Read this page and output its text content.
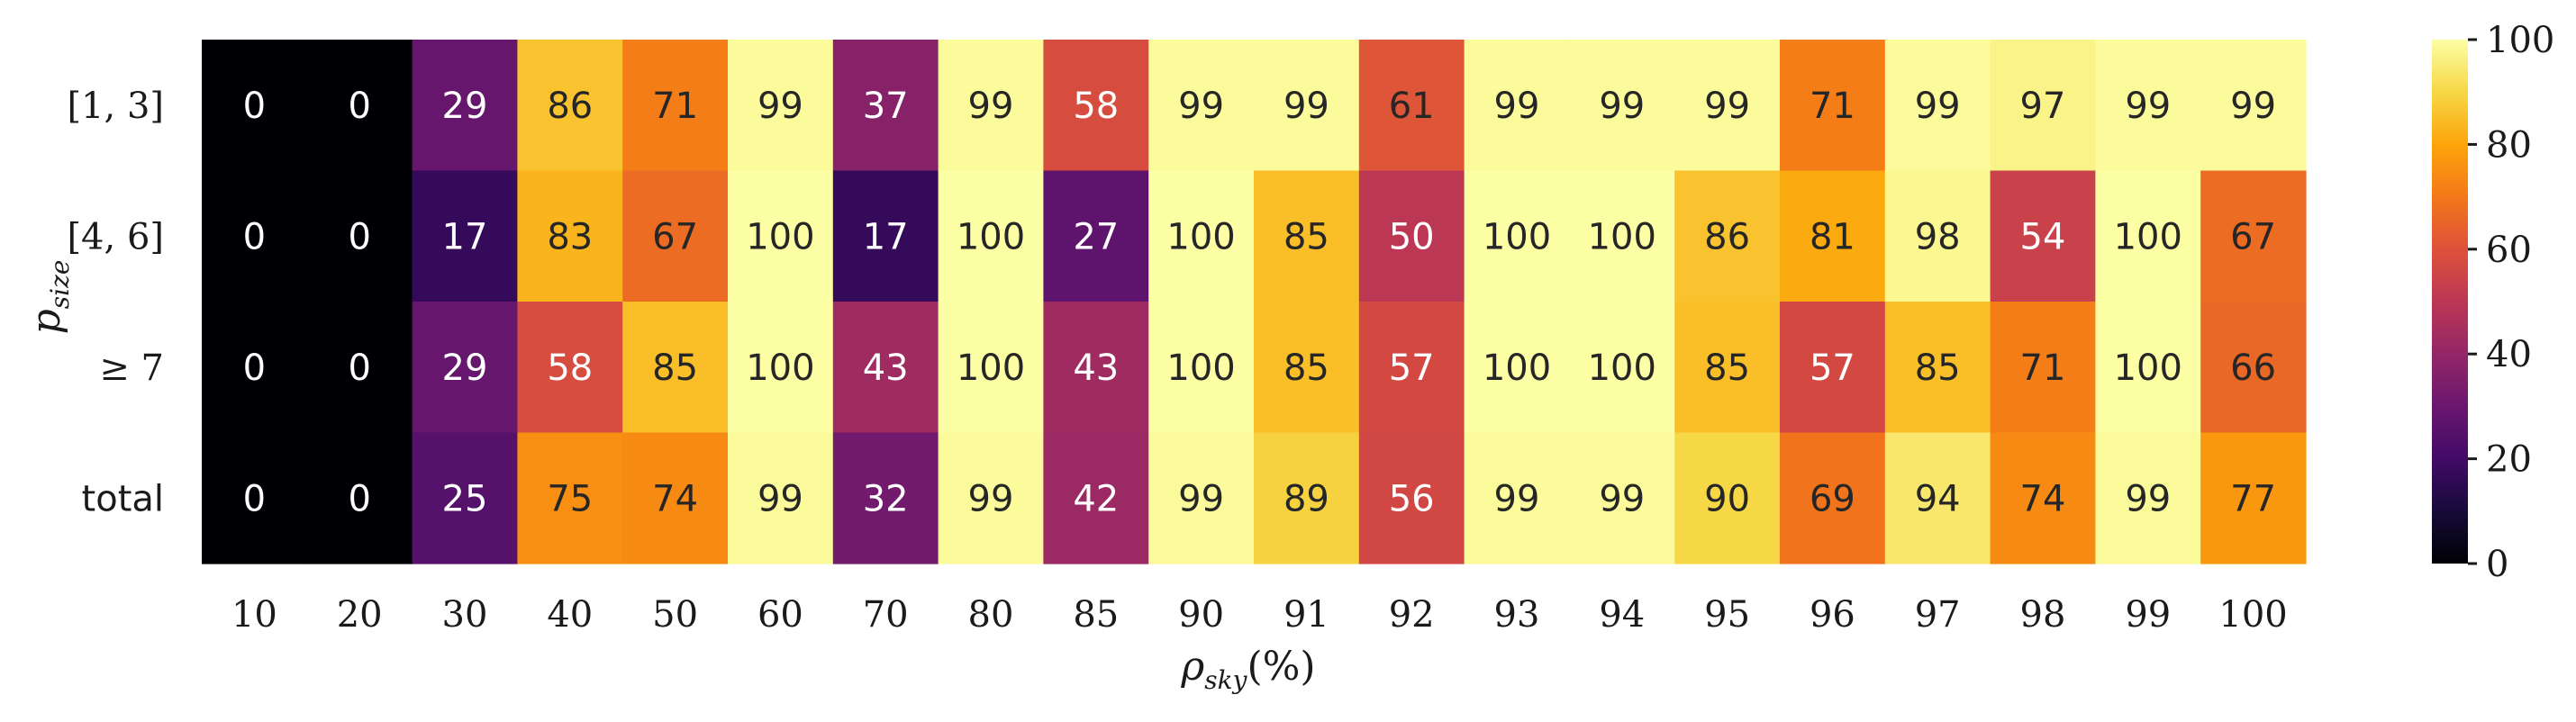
0 0 29 86 71 99 37 99 58 99 99 61 99 99 99 71 99 97 99 99
0 0 17 83 67 100 17 100 27 100 85 50 100 100 86 81 98 54 100 67
0 0 29 58 85 100 43 100 43 100 85 57 100 100 85 57 85 71 100 66
0 0 25 75 74 99 32 99 42 99 89 56 99 99 90 69 94 74 99 77
[1, 3]
[4, 6]
≥ 7
total
10 20 30 40 50 60 70 80 85 90 91 92 93 94 95 96 97 98 99 100
$\rho_{sky}(\%)$
$p_{size}$
0
20
40
60
80
100
